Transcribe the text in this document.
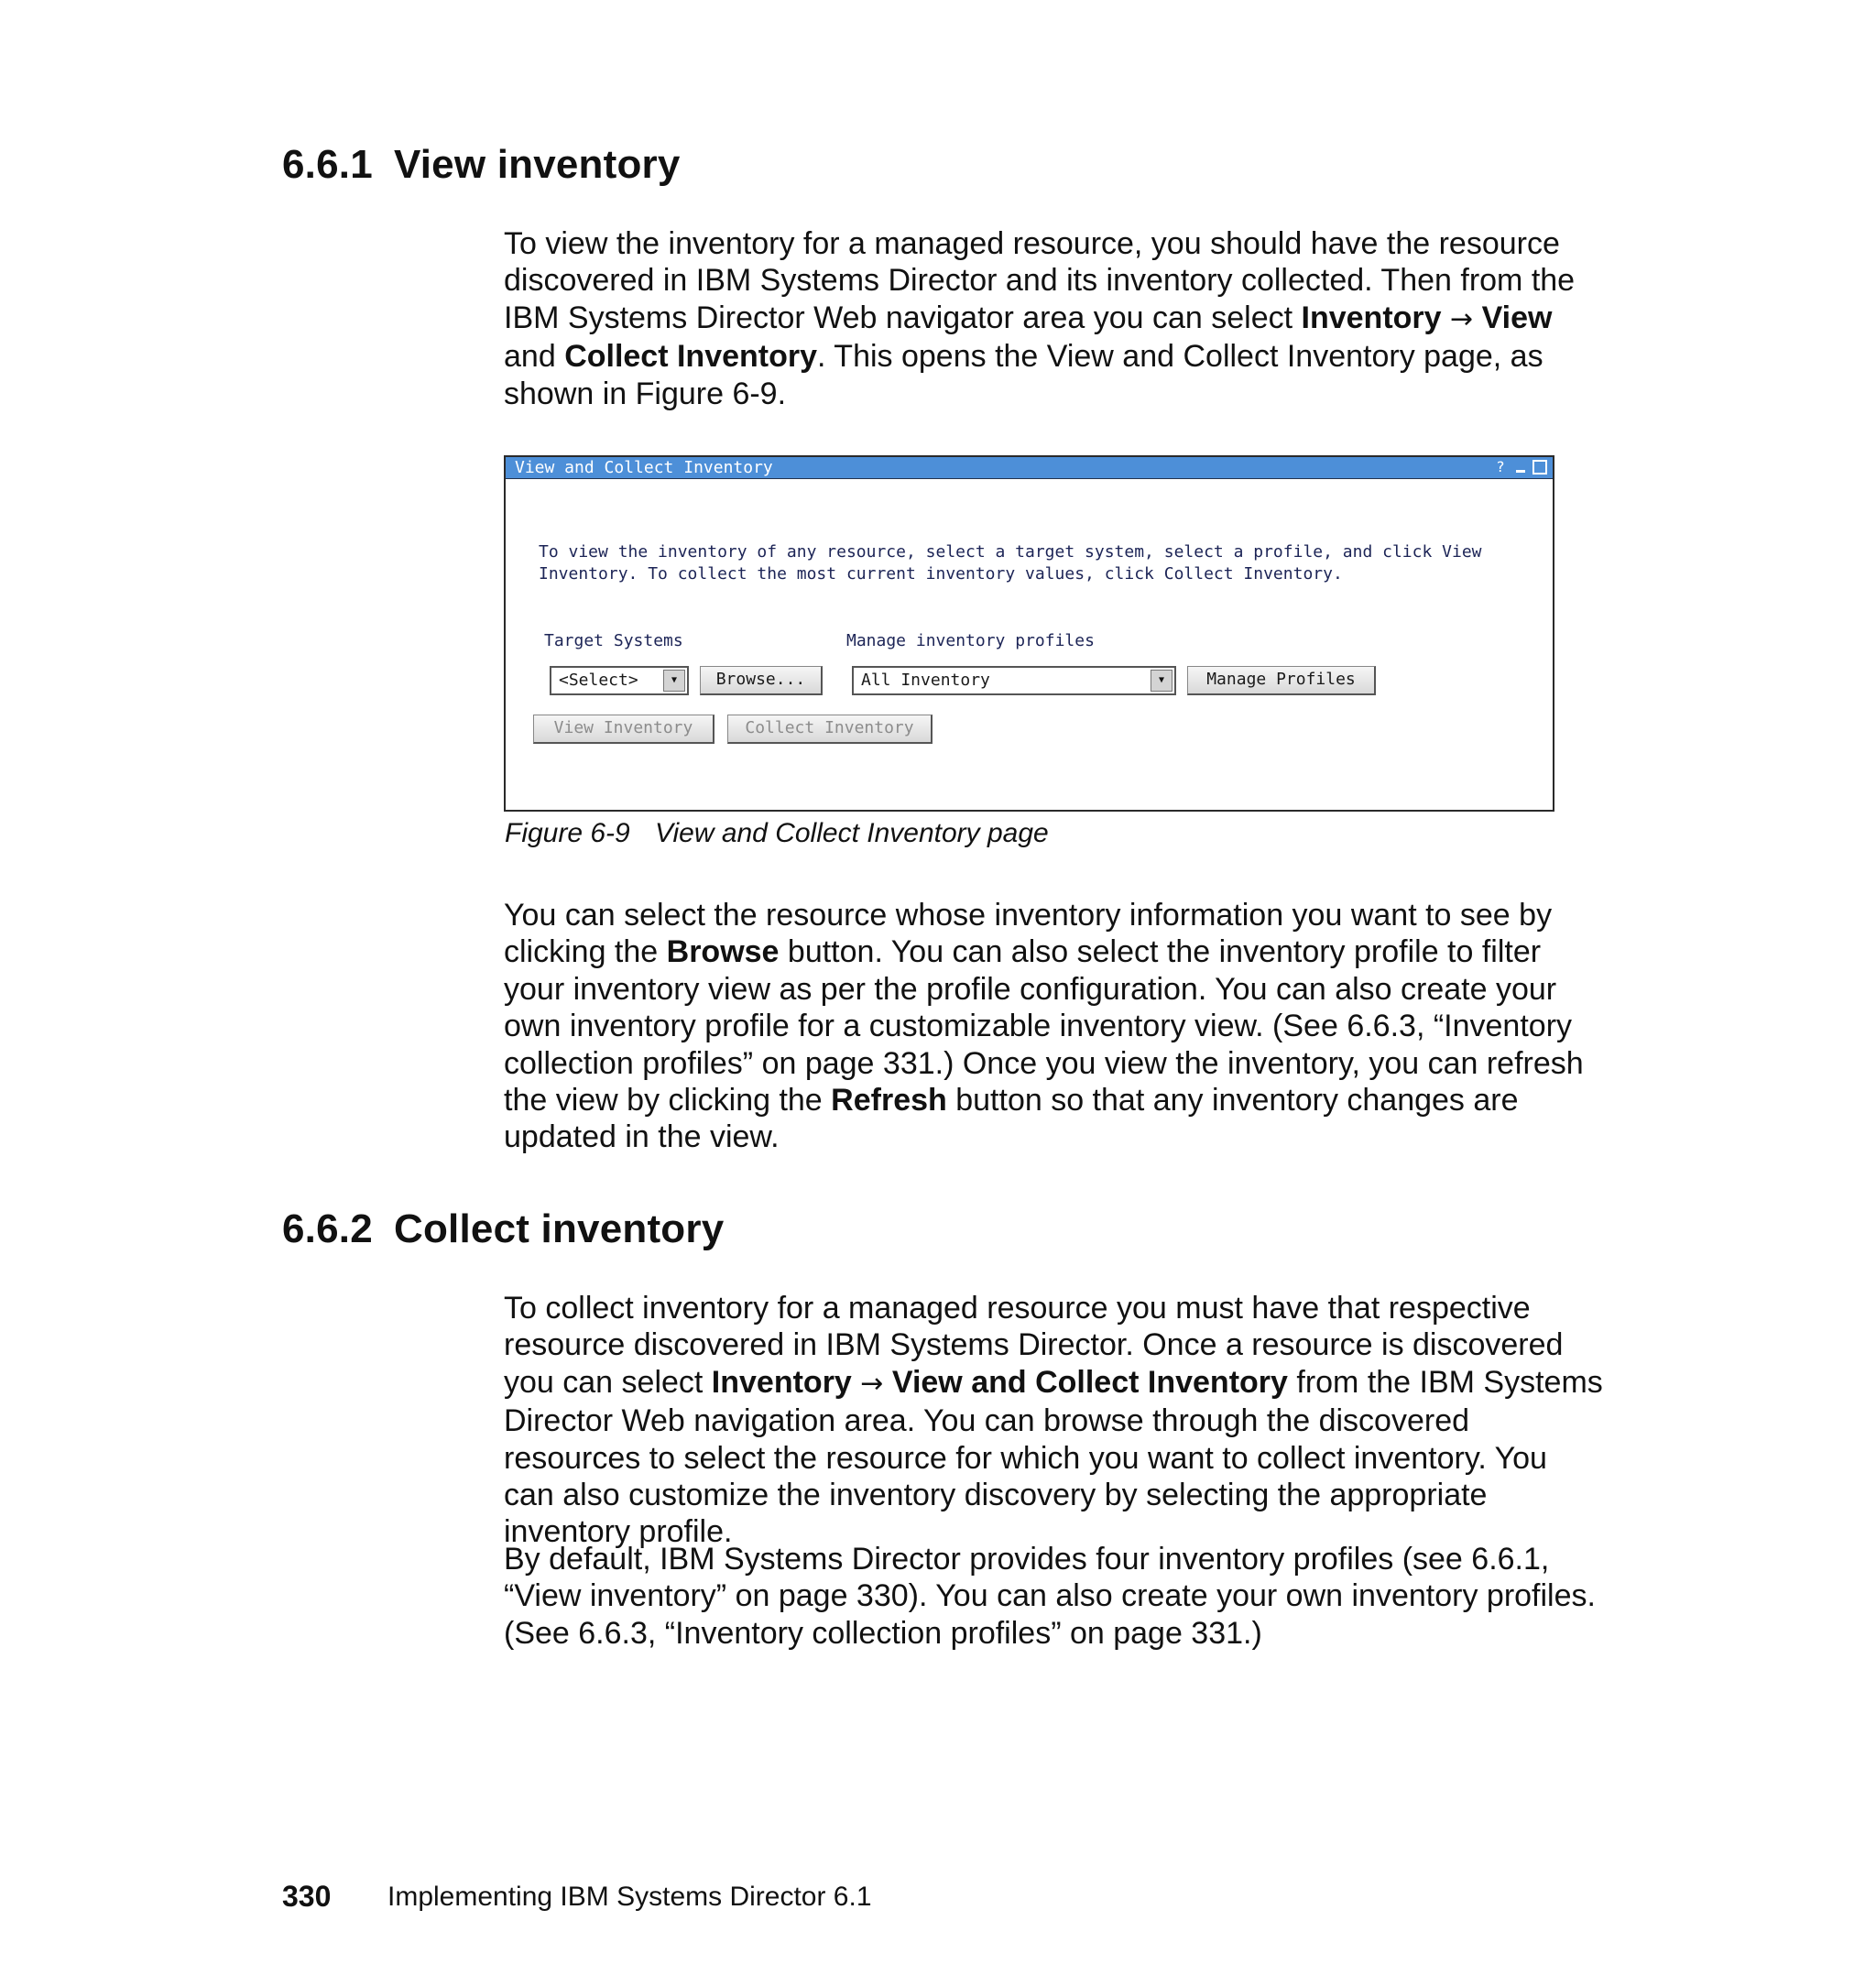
6.6.1 View inventory

To view the inventory for a managed resource, you should have the resource discovered in IBM Systems Director and its inventory collected. Then from the IBM Systems Director Web navigator area you can select Inventory → View and Collect Inventory. This opens the View and Collect Inventory page, as shown in Figure 6-9.

View and Collect Inventory	?
To view the inventory of any resource, select a target system, select a profile, and click View Inventory. To collect the most current inventory values, click Collect Inventory.
Target Systems	Manage inventory profiles
<Select>	▼	Browse...	All Inventory	▼	Manage Profiles
View Inventory	Collect Inventory

Figure 6-9 View and Collect Inventory page

You can select the resource whose inventory information you want to see by clicking the Browse button. You can also select the inventory profile to filter your inventory view as per the profile configuration. You can also create your own inventory profile for a customizable inventory view. (See 6.6.3, “Inventory collection profiles” on page 331.) Once you view the inventory, you can refresh the view by clicking the Refresh button so that any inventory changes are updated in the view.

6.6.2 Collect inventory

To collect inventory for a managed resource you must have that respective resource discovered in IBM Systems Director. Once a resource is discovered you can select Inventory → View and Collect Inventory from the IBM Systems Director Web navigation area. You can browse through the discovered resources to select the resource for which you want to collect inventory. You can also customize the inventory discovery by selecting the appropriate inventory profile.

By default, IBM Systems Director provides four inventory profiles (see 6.6.1, “View inventory” on page 330). You can also create your own inventory profiles. (See 6.6.3, “Inventory collection profiles” on page 331.)

330 Implementing IBM Systems Director 6.1
